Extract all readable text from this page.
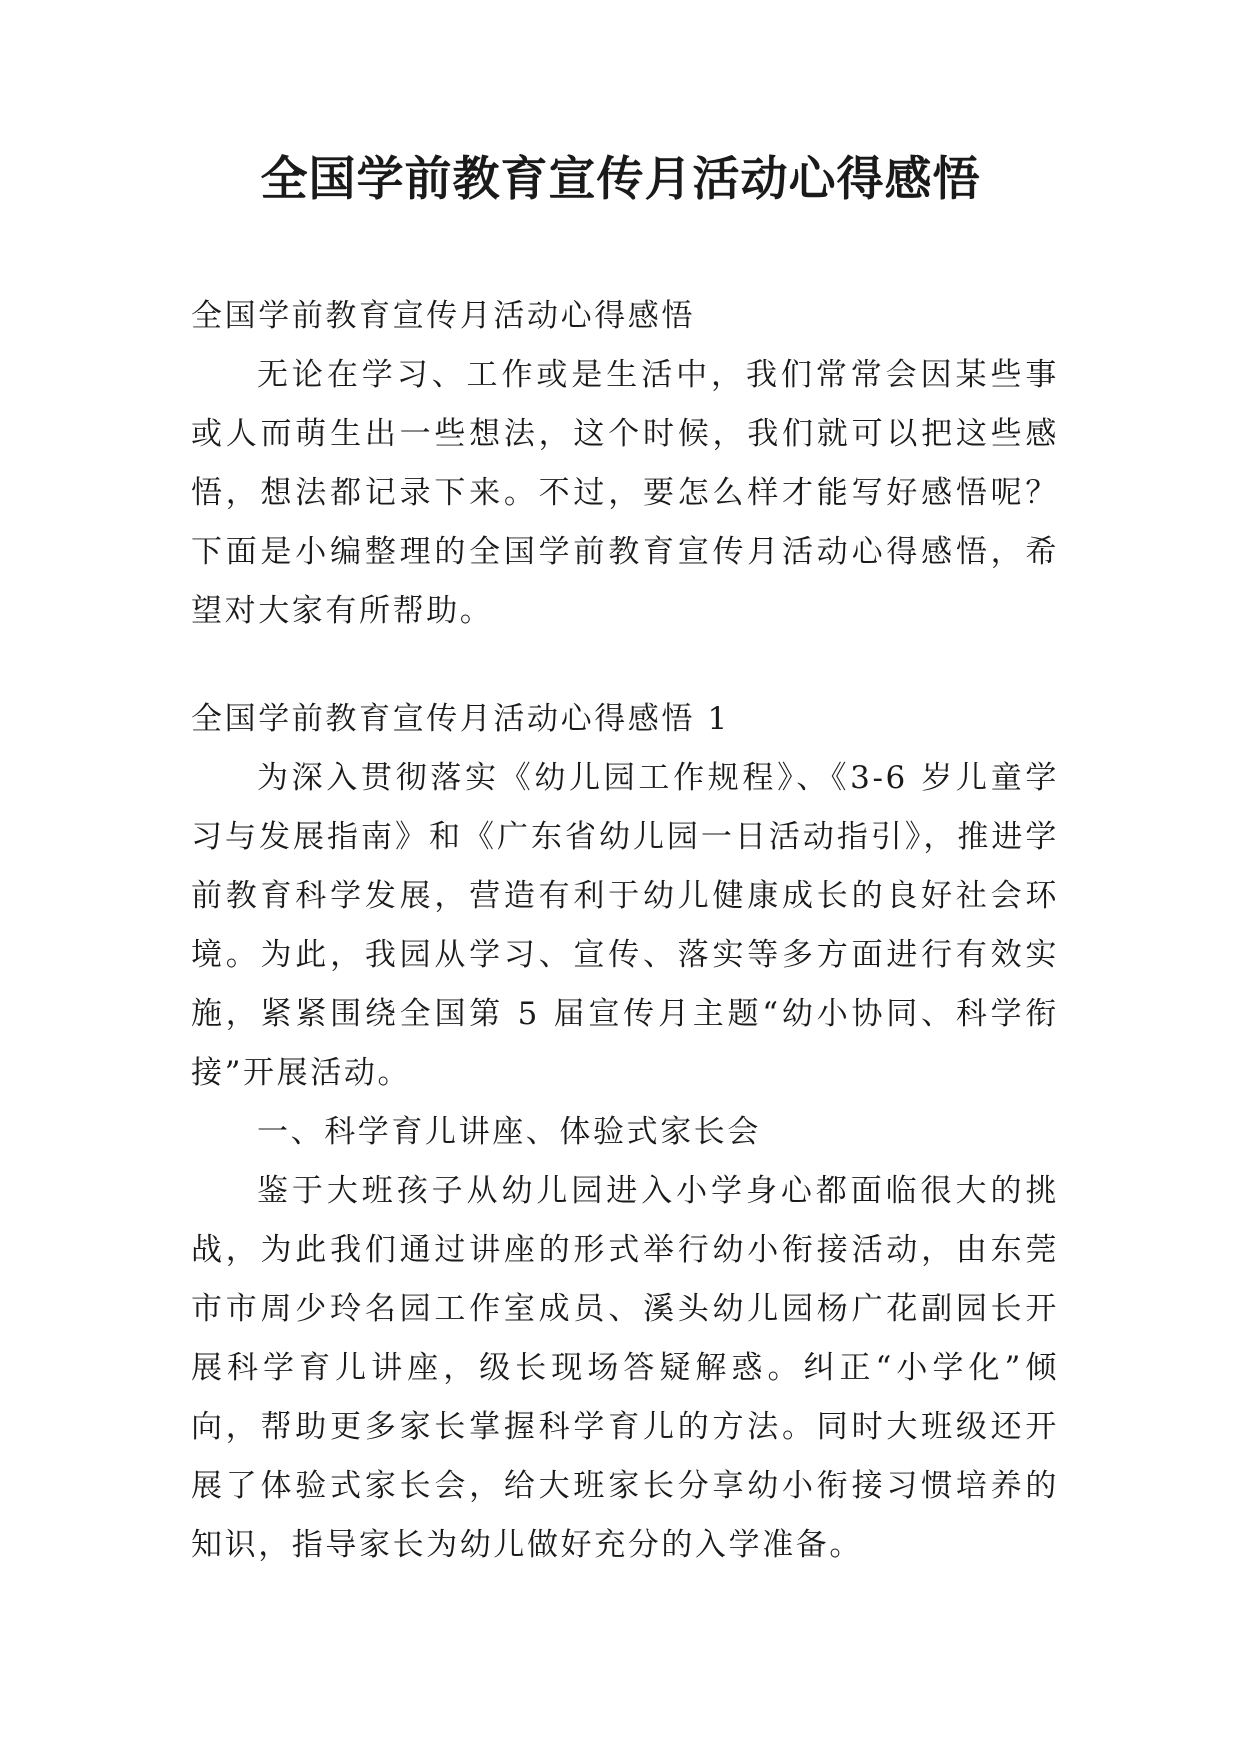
全国学前教育宣传月活动心得感悟

全国学前教育宣传月活动心得感悟

无论在学习、工作或是生活中，我们常常会因某些事或人而萌生出一些想法，这个时候，我们就可以把这些感悟，想法都记录下来。不过，要怎么样才能写好感悟呢？下面是小编整理的全国学前教育宣传月活动心得感悟，希望对大家有所帮助。

全国学前教育宣传月活动心得感悟 1

为深入贯彻落实《幼儿园工作规程》、《3-6 岁儿童学习与发展指南》和《广东省幼儿园一日活动指引》，推进学前教育科学发展，营造有利于幼儿健康成长的良好社会环境。为此，我园从学习、宣传、落实等多方面进行有效实施，紧紧围绕全国第 5 届宣传月主题“幼小协同、科学衔接”开展活动。

一、科学育儿讲座、体验式家长会

鉴于大班孩子从幼儿园进入小学身心都面临很大的挑战，为此我们通过讲座的形式举行幼小衔接活动，由东莞市市周少玲名园工作室成员、溪头幼儿园杨广花副园长开展科学育儿讲座，级长现场答疑解惑。纠正“小学化”倾向，帮助更多家长掌握科学育儿的方法。同时大班级还开展了体验式家长会，给大班家长分享幼小衔接习惯培养的知识，指导家长为幼儿做好充分的入学准备。
